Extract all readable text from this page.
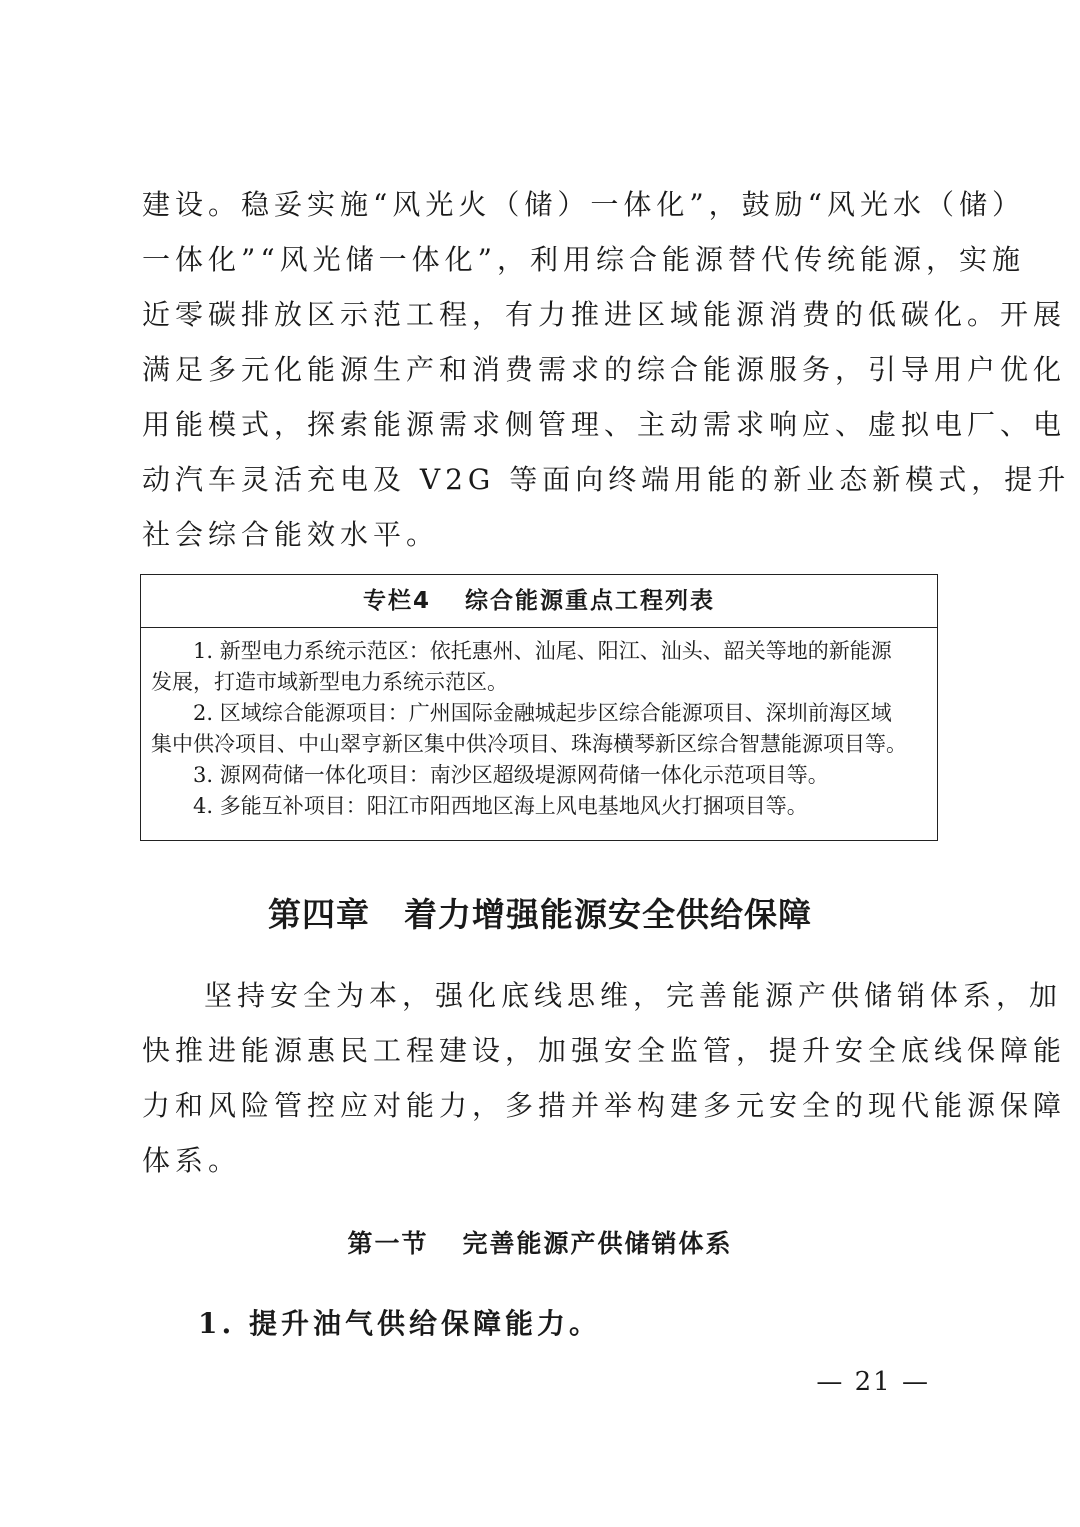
建设。稳妥实施“风光火（储）一体化”，鼓励“风光水（储）
一体化”“风光储一体化”，利用综合能源替代传统能源，实施
近零碳排放区示范工程，有力推进区域能源消费的低碳化。开展
满足多元化能源生产和消费需求的综合能源服务，引导用户优化
用能模式，探索能源需求侧管理、主动需求响应、虚拟电厂、电
动汽车灵活充电及 V2G 等面向终端用能的新业态新模式，提升
社会综合能效水平。
专栏4 综合能源重点工程列表
1. 新型电力系统示范区：依托惠州、汕尾、阳江、汕头、韶关等地的新能源
发展，打造市域新型电力系统示范区。
2. 区域综合能源项目：广州国际金融城起步区综合能源项目、深圳前海区域
集中供冷项目、中山翠亨新区集中供冷项目、珠海横琴新区综合智慧能源项目等。
3. 源网荷储一体化项目：南沙区超级堤源网荷储一体化示范项目等。
4. 多能互补项目：阳江市阳西地区海上风电基地风火打捆项目等。
第四章 着力增强能源安全供给保障
坚持安全为本，强化底线思维，完善能源产供储销体系，加
快推进能源惠民工程建设，加强安全监管，提升安全底线保障能
力和风险管控应对能力，多措并举构建多元安全的现代能源保障
体系。
第一节 完善能源产供储销体系
1. 提升油气供给保障能力。
— 21 —
